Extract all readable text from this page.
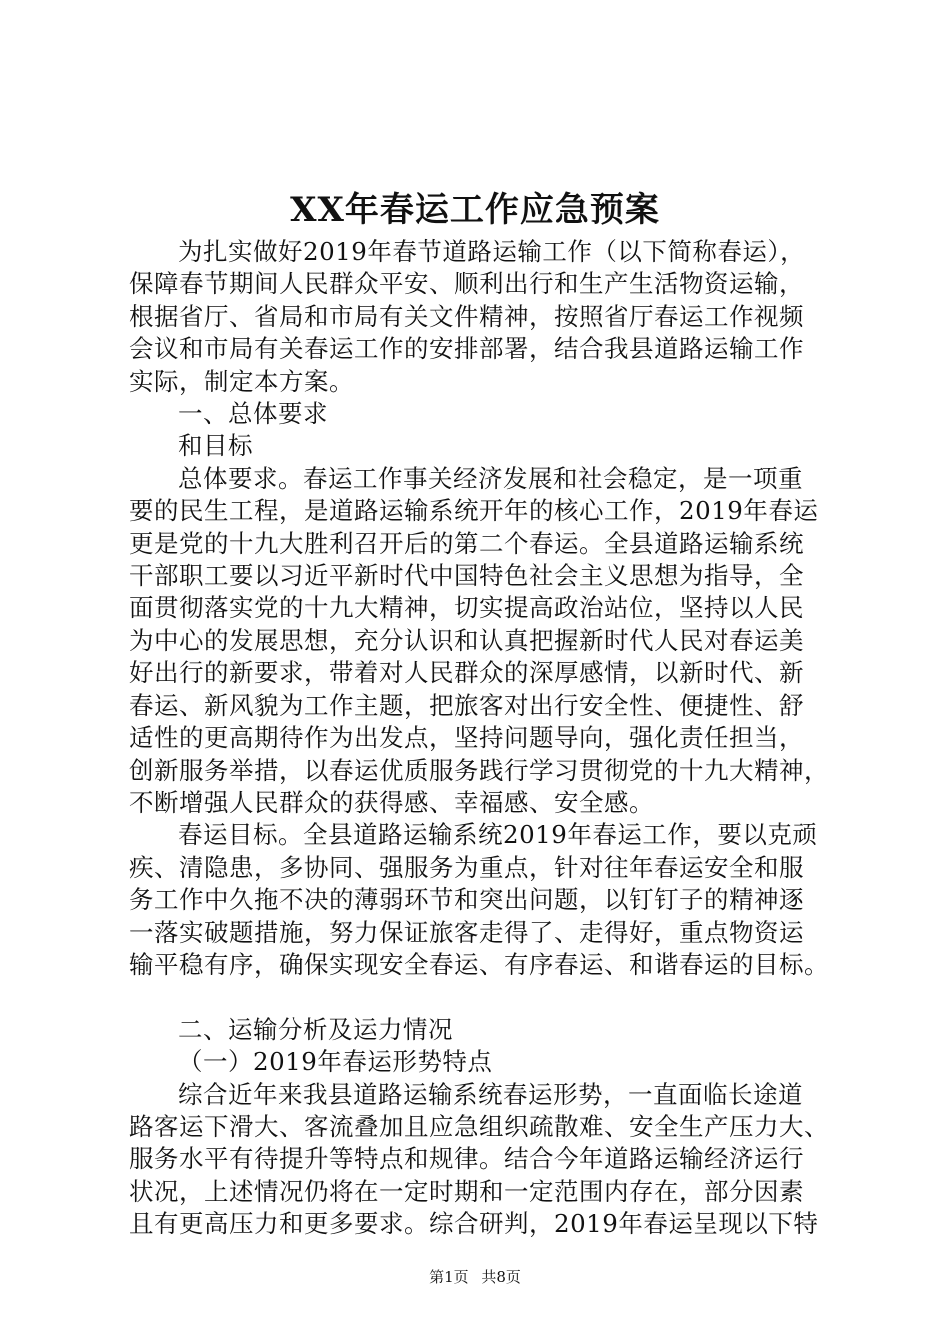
XX年春运工作应急预案
为扎实做好2019年春节道路运输工作（以下简称春运），
保障春节期间人民群众平安、顺利出行和生产生活物资运输，
根据省厅、省局和市局有关文件精神，按照省厅春运工作视频
会议和市局有关春运工作的安排部署，结合我县道路运输工作
实际，制定本方案。
一、总体要求
和目标
总体要求。春运工作事关经济发展和社会稳定，是一项重
要的民生工程，是道路运输系统开年的核心工作，2019年春运
更是党的十九大胜利召开后的第二个春运。全县道路运输系统
干部职工要以习近平新时代中国特色社会主义思想为指导，全
面贯彻落实党的十九大精神，切实提高政治站位，坚持以人民
为中心的发展思想，充分认识和认真把握新时代人民对春运美
好出行的新要求，带着对人民群众的深厚感情，以新时代、新
春运、新风貌为工作主题，把旅客对出行安全性、便捷性、舒
适性的更高期待作为出发点，坚持问题导向，强化责任担当，
创新服务举措，以春运优质服务践行学习贯彻党的十九大精神，
不断增强人民群众的获得感、幸福感、安全感。
春运目标。全县道路运输系统2019年春运工作，要以克顽
疾、清隐患，多协同、强服务为重点，针对往年春运安全和服
务工作中久拖不决的薄弱环节和突出问题，以钉钉子的精神逐
一落实破题措施，努力保证旅客走得了、走得好，重点物资运
输平稳有序，确保实现安全春运、有序春运、和谐春运的目标。
二、运输分析及运力情况
（一）2019年春运形势特点
综合近年来我县道路运输系统春运形势，一直面临长途道
路客运下滑大、客流叠加且应急组织疏散难、安全生产压力大、
服务水平有待提升等特点和规律。结合今年道路运输经济运行
状况，上述情况仍将在一定时期和一定范围内存在，部分因素
且有更高压力和更多要求。综合研判，2019年春运呈现以下特
第1页 共8页
